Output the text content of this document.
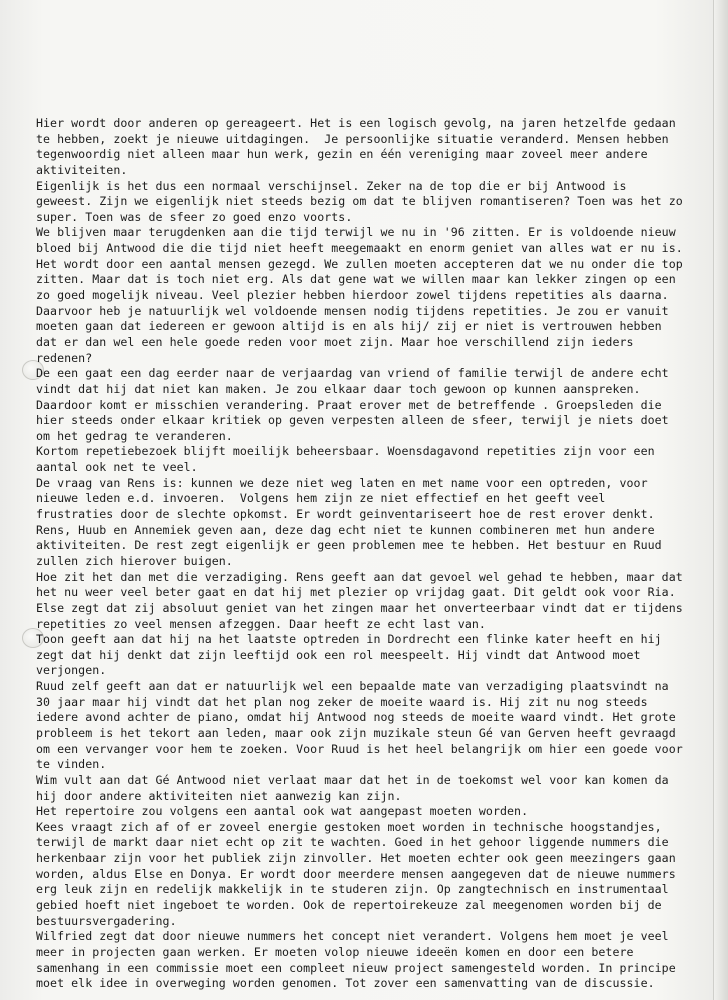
Hier wordt door anderen op gereageert. Het is een logisch gevolg, na jaren hetzelfde gedaan
te hebben, zoekt je nieuwe uitdagingen.  Je persoonlijke situatie veranderd. Mensen hebben
tegenwoordig niet alleen maar hun werk, gezin en één vereniging maar zoveel meer andere
aktiviteiten.
Eigenlijk is het dus een normaal verschijnsel. Zeker na de top die er bij Antwood is
geweest. Zijn we eigenlijk niet steeds bezig om dat te blijven romantiseren? Toen was het zo
super. Toen was de sfeer zo goed enzo voorts.
We blijven maar terugdenken aan die tijd terwijl we nu in '96 zitten. Er is voldoende nieuw
bloed bij Antwood die die tijd niet heeft meegemaakt en enorm geniet van alles wat er nu is.
Het wordt door een aantal mensen gezegd. We zullen moeten accepteren dat we nu onder die top
zitten. Maar dat is toch niet erg. Als dat gene wat we willen maar kan lekker zingen op een
zo goed mogelijk niveau. Veel plezier hebben hierdoor zowel tijdens repetities als daarna.
Daarvoor heb je natuurlijk wel voldoende mensen nodig tijdens repetities. Je zou er vanuit
moeten gaan dat iedereen er gewoon altijd is en als hij/ zij er niet is vertrouwen hebben
dat er dan wel een hele goede reden voor moet zijn. Maar hoe verschillend zijn ieders
redenen?
De een gaat een dag eerder naar de verjaardag van vriend of familie terwijl de andere echt
vindt dat hij dat niet kan maken. Je zou elkaar daar toch gewoon op kunnen aanspreken.
Daardoor komt er misschien verandering. Praat erover met de betreffende . Groepsleden die
hier steeds onder elkaar kritiek op geven verpesten alleen de sfeer, terwijl je niets doet
om het gedrag te veranderen.
Kortom repetiebezoek blijft moeilijk beheersbaar. Woensdagavond repetities zijn voor een
aantal ook net te veel.
De vraag van Rens is: kunnen we deze niet weg laten en met name voor een optreden, voor
nieuwe leden e.d. invoeren.  Volgens hem zijn ze niet effectief en het geeft veel
frustraties door de slechte opkomst. Er wordt geinventariseert hoe de rest erover denkt.
Rens, Huub en Annemiek geven aan, deze dag echt niet te kunnen combineren met hun andere
aktiviteiten. De rest zegt eigenlijk er geen problemen mee te hebben. Het bestuur en Ruud
zullen zich hierover buigen.
Hoe zit het dan met die verzadiging. Rens geeft aan dat gevoel wel gehad te hebben, maar dat
het nu weer veel beter gaat en dat hij met plezier op vrijdag gaat. Dit geldt ook voor Ria.
Else zegt dat zij absoluut geniet van het zingen maar het onverteerbaar vindt dat er tijdens
repetities zo veel mensen afzeggen. Daar heeft ze echt last van.
Toon geeft aan dat hij na het laatste optreden in Dordrecht een flinke kater heeft en hij
zegt dat hij denkt dat zijn leeftijd ook een rol meespeelt. Hij vindt dat Antwood moet
verjongen.
Ruud zelf geeft aan dat er natuurlijk wel een bepaalde mate van verzadiging plaatsvindt na
30 jaar maar hij vindt dat het plan nog zeker de moeite waard is. Hij zit nu nog steeds
iedere avond achter de piano, omdat hij Antwood nog steeds de moeite waard vindt. Het grote
probleem is het tekort aan leden, maar ook zijn muzikale steun Gé van Gerven heeft gevraagd
om een vervanger voor hem te zoeken. Voor Ruud is het heel belangrijk om hier een goede voor
te vinden.
Wim vult aan dat Gé Antwood niet verlaat maar dat het in de toekomst wel voor kan komen da
hij door andere aktiviteiten niet aanwezig kan zijn.
Het repertoire zou volgens een aantal ook wat aangepast moeten worden.
Kees vraagt zich af of er zoveel energie gestoken moet worden in technische hoogstandjes,
terwijl de markt daar niet echt op zit te wachten. Goed in het gehoor liggende nummers die
herkenbaar zijn voor het publiek zijn zinvoller. Het moeten echter ook geen meezingers gaan
worden, aldus Else en Donya. Er wordt door meerdere mensen aangegeven dat de nieuwe nummers
erg leuk zijn en redelijk makkelijk in te studeren zijn. Op zangtechnisch en instrumentaal
gebied hoeft niet ingeboet te worden. Ook de repertoirekeuze zal meegenomen worden bij de
bestuursvergadering.
Wilfried zegt dat door nieuwe nummers het concept niet verandert. Volgens hem moet je veel
meer in projecten gaan werken. Er moeten volop nieuwe ideeën komen en door een betere
samenhang in een commissie moet een compleet nieuw project samengesteld worden. In principe
moet elk idee in overweging worden genomen. Tot zover een samenvatting van de discussie.
